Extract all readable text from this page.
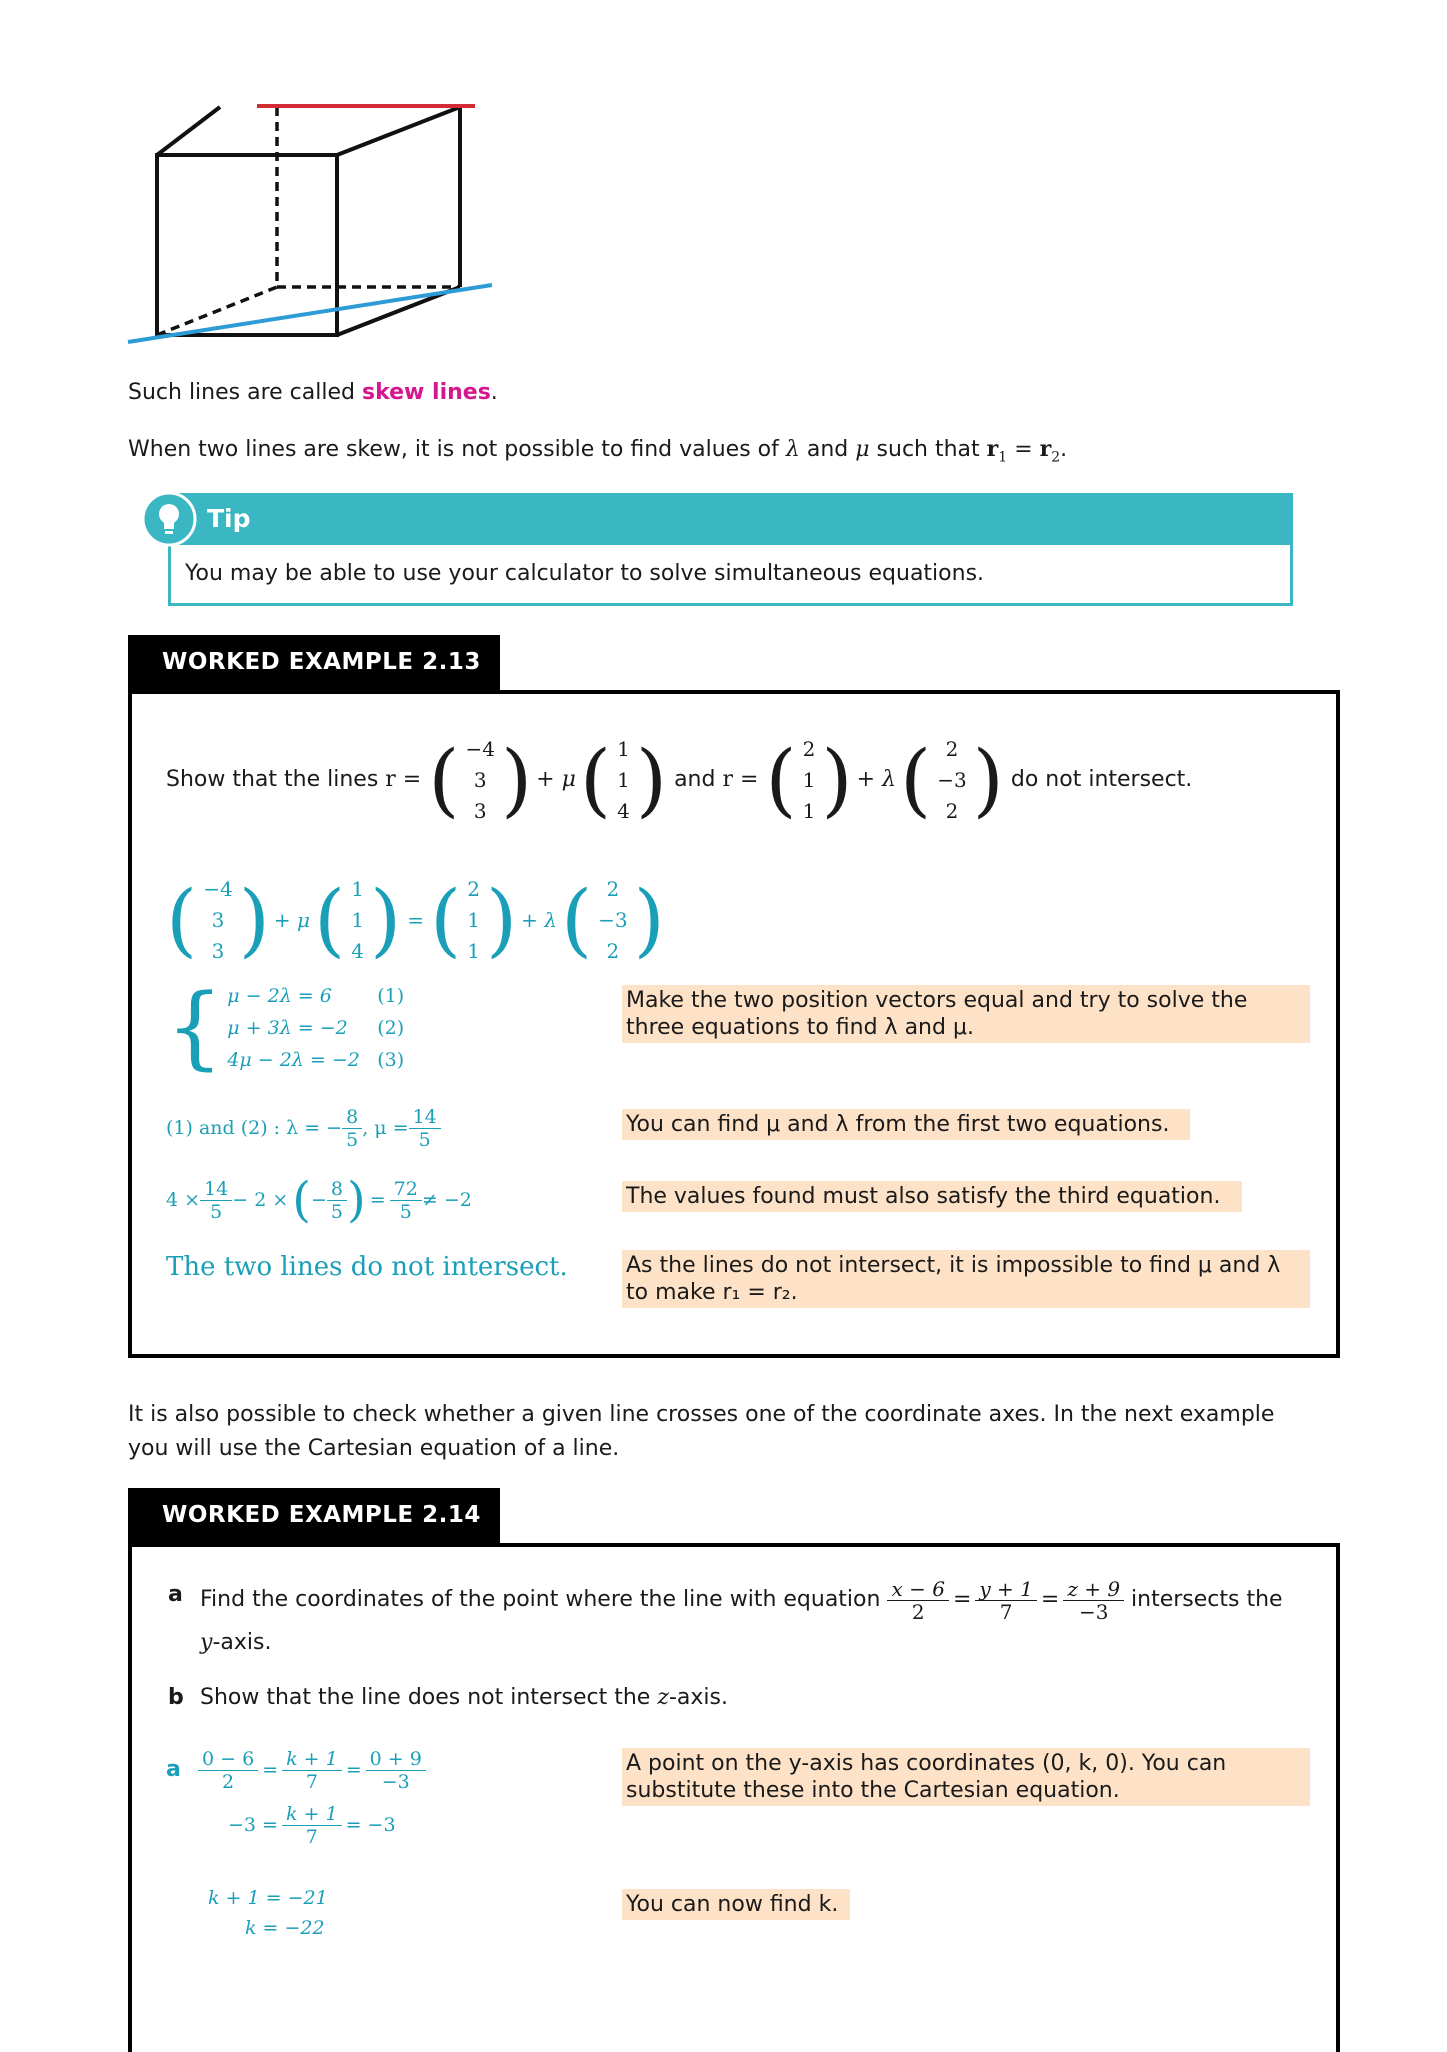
Such lines are called skew lines.
When two lines are skew, it is not possible to find values of λ and μ such that $r_1 = r_2$.
Tip
You may be able to use your calculator to solve simultaneous equations.
WORKED EXAMPLE 2.13
Show that the lines
r =
( −4
3
3 ) + μ ( 1
1
4 )
and
r =
( 2
1
1 ) + λ ( 2
−3
2 )
do not intersect.
( −4
3
3 ) + μ ( 1
1
4 ) = ( 2
1
1 ) + λ ( 2
−3
2 )
{ μ − 2λ = 6	(1)
μ + 3λ = −2	(2)
4μ − 2λ = −2 (3)
(1) and (2) : λ
= − $\frac{8}{5}$ , $\mu = \frac{14}{5}$
$4 \times \frac{14}{5} - 2$ × ( − $\frac{8}{5}$ ) = $\frac{72}{5} \ne -2$
The two lines do not intersect.
Make the two position vectors equal and try to solve the three equations to find λ and μ.
You can find μ and λ from the first two equations.
The values found must also satisfy the third equation.
As the lines do not intersect, it is impossible to find μ and λ to make r₁ = r₂.
It is also possible to check whether a given line crosses one of the coordinate axes. In the next example you will use the Cartesian equation of a line.
WORKED EXAMPLE 2.14
a Find the coordinates of the point where the line with equation
$\frac{x - 6}{2} = \frac{y + 1}{7} = \frac{z + 9}{-3}$
intersects the
y-axis.
b Show that the line does not intersect the z-axis.
a $\frac{0 - 6}{2} = \frac{k + 1}{7} = \frac{0 + 9}{-3}$
$-3 = \frac{k + 1}{7} = -3$
k + 1 = −21
k = −22
A point on the y-axis has coordinates (0, k, 0). You can substitute these into the Cartesian equation.
You can now find k.
